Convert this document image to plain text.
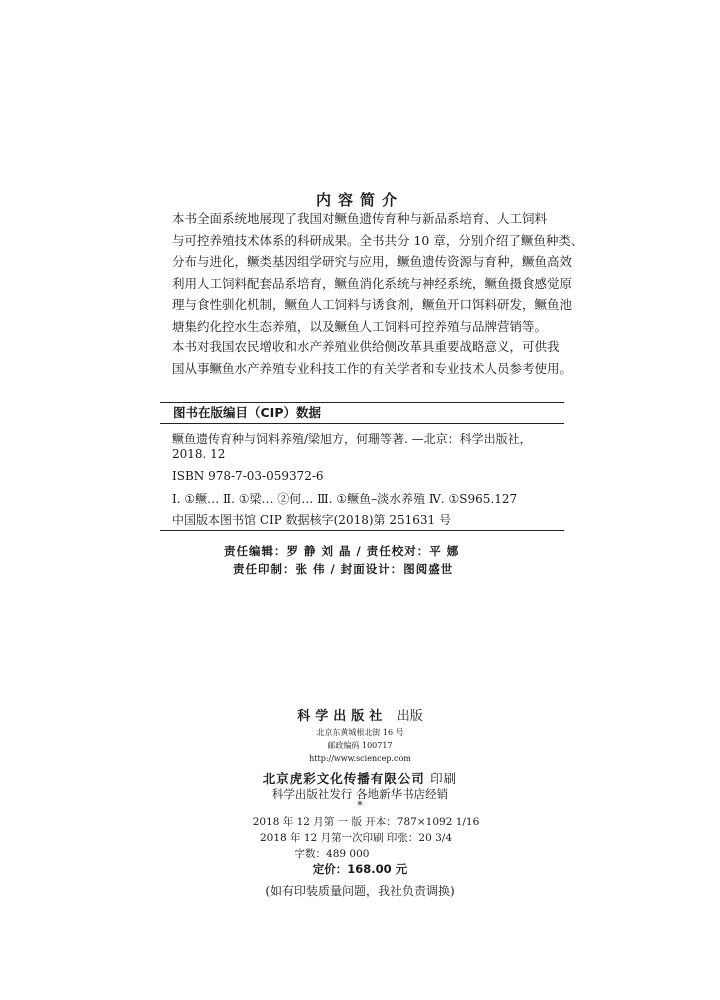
内容简介

本书全面系统地展现了我国对鳜鱼遗传育种与新品系培育、人工饲料
与可控养殖技术体系的科研成果。全书共分 10 章，分别介绍了鳜鱼种类、
分布与进化，鳜类基因组学研究与应用，鳜鱼遗传资源与育种，鳜鱼高效
利用人工饲料配套品系培育，鳜鱼消化系统与神经系统，鳜鱼摄食感觉原
理与食性驯化机制，鳜鱼人工饲料与诱食剂，鳜鱼开口饵料研发，鳜鱼池
塘集约化控水生态养殖，以及鳜鱼人工饲料可控养殖与品牌营销等。

本书对我国农民增收和水产养殖业供给侧改革具重要战略意义，可供我
国从事鳜鱼水产养殖专业科技工作的有关学者和专业技术人员参考使用。

图书在版编目（CIP）数据
鳜鱼遗传育种与饲料养殖/梁旭方，何珊等著. —北京：科学出版社，
2018. 12
ISBN 978-7-03-059372-6
Ⅰ. ①鳜… Ⅱ. ①梁… ②何… Ⅲ. ①鳜鱼–淡水养殖 Ⅳ. ①S965.127
中国版本图书馆 CIP 数据核字(2018)第 251631 号
责任编辑：罗 静 刘 晶 / 责任校对：平 娜
责任印制：张 伟 / 封面设计：图阅盛世
科学出版社 出版
北京东黄城根北街 16 号
邮政编码 100717
http://www.sciencep.com
北京虎彩文化传播有限公司 印刷
科学出版社发行 各地新华书店经销
*
2018 年 12 月第 一 版 开本：787×1092 1/16
2018 年 12 月第一次印刷 印张：20 3/4
字数：489 000
定价：168.00 元
(如有印装质量问题，我社负责调换)
